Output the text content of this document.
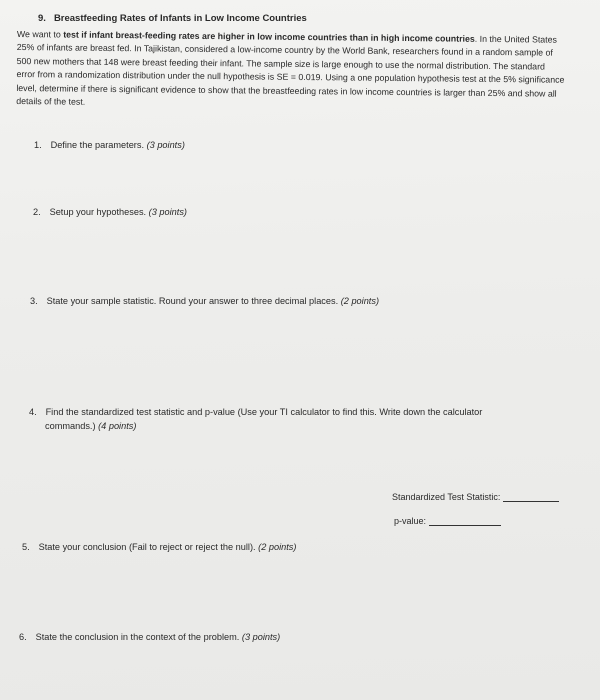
9. Breastfeeding Rates of Infants in Low Income Countries
We want to test if infant breast-feeding rates are higher in low income countries than in high income countries. In the United States 25% of infants are breast fed. In Tajikistan, considered a low-income country by the World Bank, researchers found in a random sample of 500 new mothers that 148 were breast feeding their infant. The sample size is large enough to use the normal distribution. The standard error from a randomization distribution under the null hypothesis is SE = 0.019. Using a one population hypothesis test at the 5% significance level, determine if there is significant evidence to show that the breastfeeding rates in low income countries is larger than 25% and show all details of the test.
1. Define the parameters. (3 points)
2. Setup your hypotheses. (3 points)
3. State your sample statistic. Round your answer to three decimal places. (2 points)
4. Find the standardized test statistic and p-value (Use your TI calculator to find this. Write down the calculator
commands.) (4 points)
Standardized Test Statistic:
p-value:
5. State your conclusion (Fail to reject or reject the null). (2 points)
6. State the conclusion in the context of the problem. (3 points)
